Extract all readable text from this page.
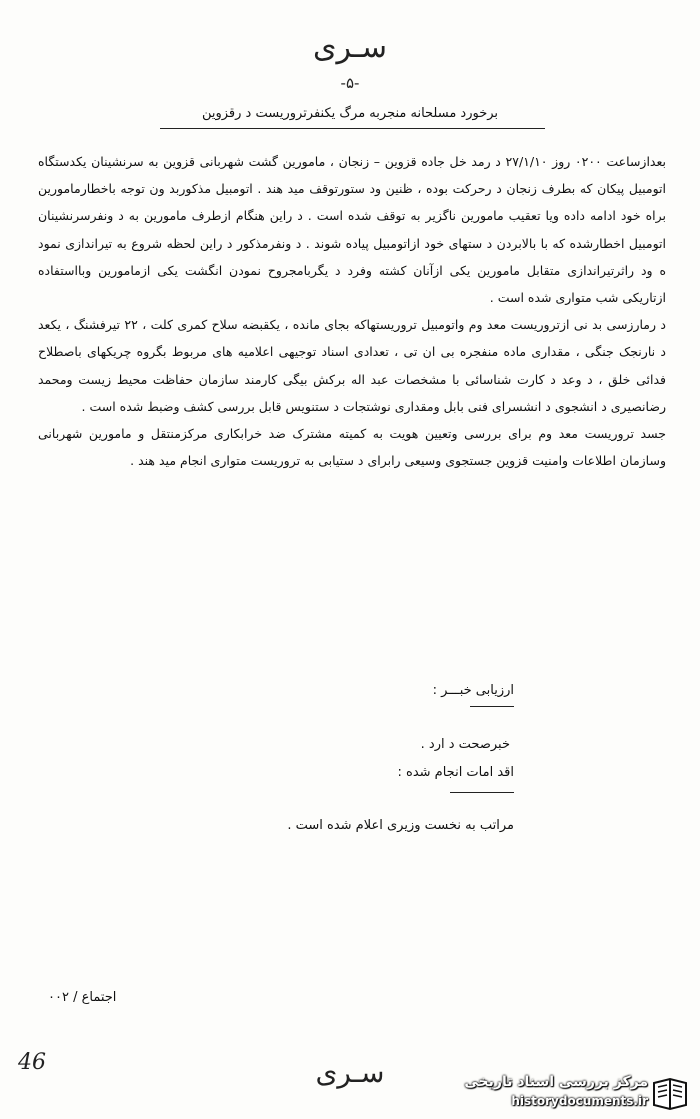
سـرى
-۵-
برخورد مسلحانه منجربه مرگ یکنفرتروریست د رقزوین

بعدازساعت ۰۲۰۰ روز ۲۷/۱/۱۰ د رمد خل جاده قزوین – زنجان ، مامورین گشت شهربانی قزوین به سرنشینان یکدستگاه اتومبیل پیکان که بطرف زنجان د رحرکت بوده ، ظنین ود ستورتوقف مید هند . اتومبیل مذکوربد ون توجه باخطارمامورین براه خود ادامه داده ویا تعقیب مامورین ناگزیر به توقف شده است . د راین هنگام ازطرف مامورین به د ونفرسرنشینان اتومبیل اخطارشده که با بالابردن د ستهای خود ازاتومبیل پیاده شوند . د ونفرمذکور د راین لحظه شروع به تیراندازی نمود ه ود راثرتیراندازی متقابل مامورین یکی ازآنان کشته وفرد د یگربامجروح نمودن انگشت یکی ازمامورین وبااستفاده ازتاریکی شب متواری شده است .

د رمارزسی بد نی ازتروریست معد وم واتومبیل تروریستهاکه بجای مانده ، یکقبضه سلاح کمری کلت ، ۲۲ تیرفشنگ ، یکعد د نارنجک جنگی ، مقداری ماده منفجره بی ان تی ، تعدادی اسناد توجیهی اعلامیه های مربوط بگروه چریکهای باصطلاح فدائی خلق ، د وعد د کارت شناسائی با مشخصات عبد اله برکش بیگی کارمند سازمان حفاظت محیط زیست ومحمد رضانصیری د انشجوی د انشسرای فنی بابل ومقداری نوشتجات د ستنویس قابل بررسی کشف وضبط شده است .

جسد تروریست معد وم برای بررسی وتعیین هویت به کمیته مشترک ضد خرابکاری مرکزمنتقل و مامورین شهربانی وسازمان اطلاعات وامنیت قزوین جستجوی وسیعی رابرای د ستیابی به تروریست متواری انجام مید هند .

ارزیابی خبـــر :
خبرصحت د ارد .
اقد امات انجام شده :
مراتب به نخست وزیری اعلام شده است .
اجتماع / ۰۰۲
46	سـرى	مرکز بررسی اسناد تاریخی
historydocuments.ir
